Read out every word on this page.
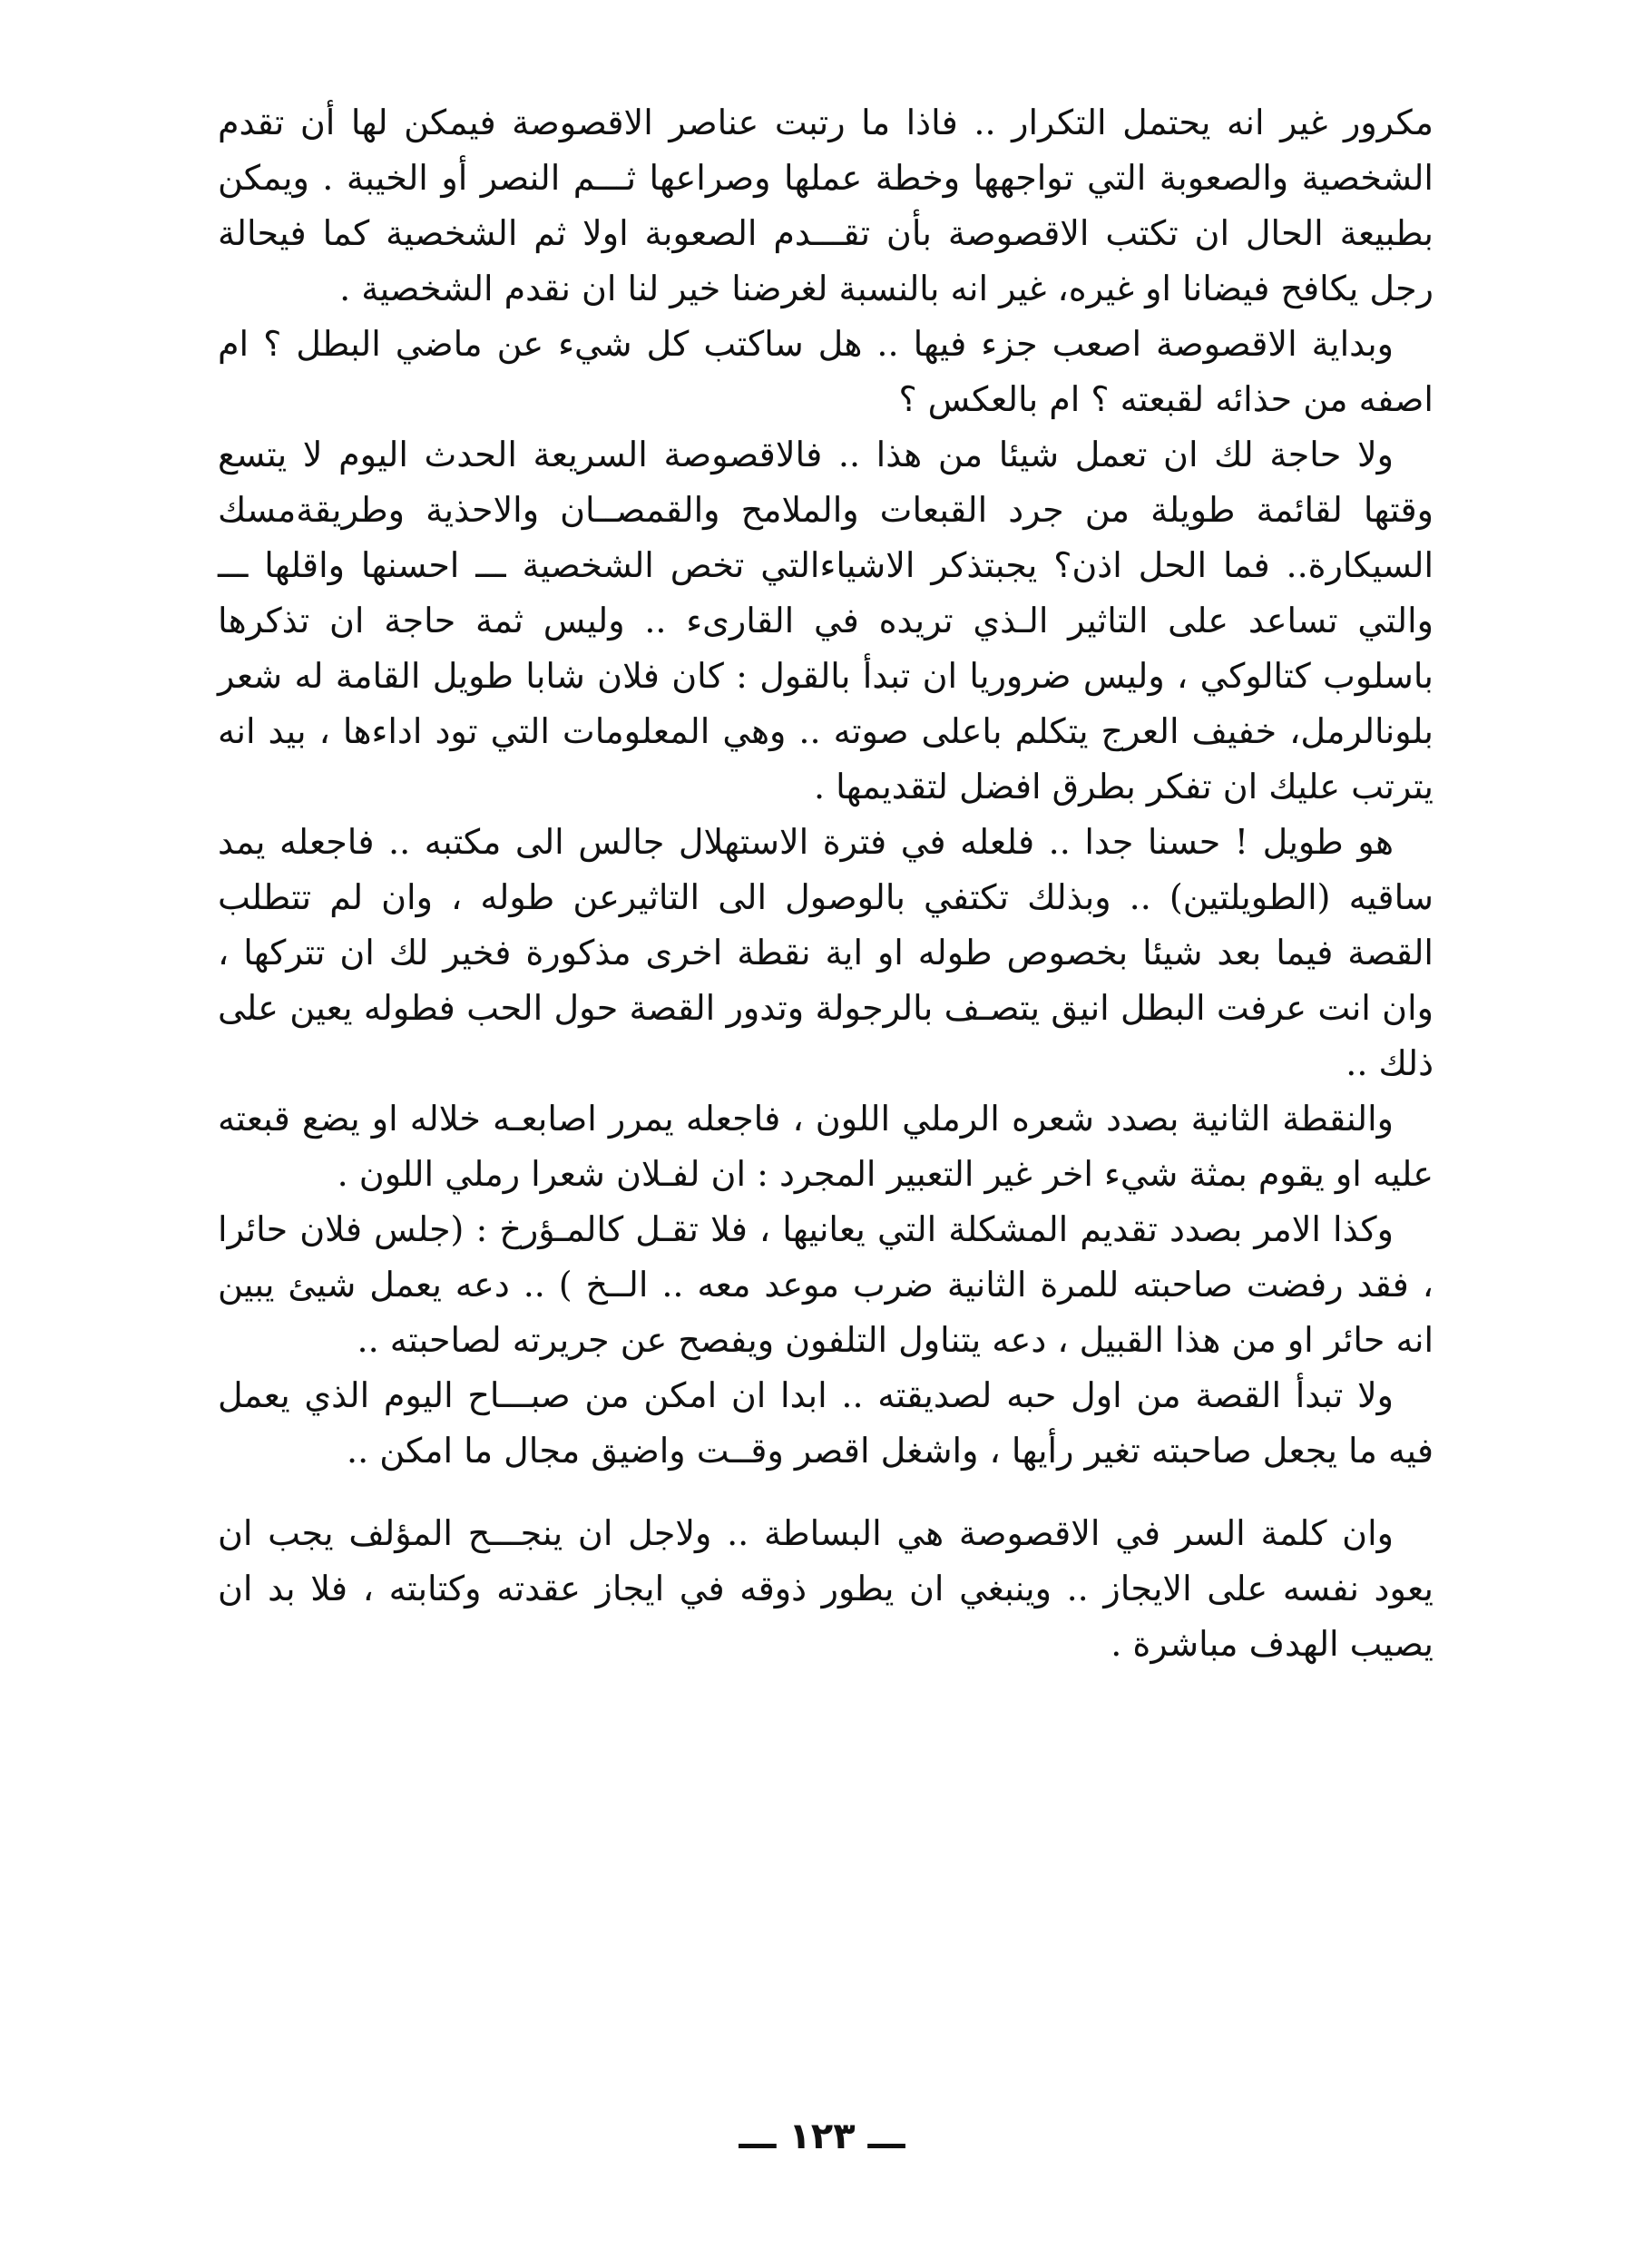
مكرور غير انه يحتمل التكرار .. فاذا ما رتبت عناصر الاقصوصة فيمكن لها أن تقدم الشخصية والصعوبة التي تواجهها وخطة عملها وصراعها ثـــم النصر أو الخيبة . ويمكن بطبيعة الحال ان تكتب الاقصوصة بأن تقـــدم الصعوبة اولا ثم الشخصية كما فيحالة رجل يكافح فيضانا او غيره، غير انه بالنسبة لغرضنا خير لنا ان نقدم الشخصية .

وبداية الاقصوصة اصعب جزء فيها .. هل ساكتب كل شيء عن ماضي البطل ؟ ام اصفه من حذائه لقبعته ؟ ام بالعكس ؟

ولا حاجة لك ان تعمل شيئا من هذا .. فالاقصوصة السريعة الحدث اليوم لا يتسع وقتها لقائمة طويلة من جرد القبعات والملامح والقمصــان والاحذية وطريقةمسك السيكارة.. فما الحل اذن؟ يجبتذكر الاشياءالتي تخص الشخصية ـــ احسنها واقلها ـــ والتي تساعد على التاثير الـذي تريده في القارىء .. وليس ثمة حاجة ان تذكرها باسلوب كتالوكي ، وليس ضروريا ان تبدأ بالقول : كان فلان شابا طويل القامة له شعر بلونالرمل، خفيف العرج يتكلم باعلى صوته .. وهي المعلومات التي تود اداءها ، بيد انه يترتب عليك ان تفكر بطرق افضل لتقديمها .

هو طويل ! حسنا جدا .. فلعله في فترة الاستهلال جالس الى مكتبه .. فاجعله يمد ساقيه (الطويلتين) .. وبذلك تكتفي بالوصول الى التاثيرعن طوله ، وان لم تتطلب القصة فيما بعد شيئا بخصوص طوله او اية نقطة اخرى مذكورة فخير لك ان تتركها ، وان انت عرفت البطل انيق يتصـف بالرجولة وتدور القصة حول الحب فطوله يعين على ذلك ..

والنقطة الثانية بصدد شعره الرملي اللون ، فاجعله يمرر اصابعـه خلاله او يضع قبعته عليه او يقوم بمثة شيء اخر غير التعبير المجرد : ان لفـلان شعرا رملي اللون .

وكذا الامر بصدد تقديم المشكلة التي يعانيها ، فلا تقـل كالمـؤرخ : (جلس فلان حائرا ، فقد رفضت صاحبته للمرة الثانية ضرب موعد معه .. الــخ ) .. دعه يعمل شيئ يبين انه حائر او من هذا القبيل ، دعه يتناول التلفون ويفصح عن جريرته لصاحبته ..

ولا تبدأ القصة من اول حبه لصديقته .. ابدا ان امكن من صبـــاح اليوم الذي يعمل فيه ما يجعل صاحبته تغير رأيها ، واشغل اقصر وقــت واضيق مجال ما امكن ..

وان كلمة السر في الاقصوصة هي البساطة .. ولاجل ان ينجـــح المؤلف يجب ان يعود نفسه على الايجاز .. وينبغي ان يطور ذوقه في ايجاز عقدته وكتابته ، فلا بد ان يصيب الهدف مباشرة .

ـــ ١٢٣ ـــ
